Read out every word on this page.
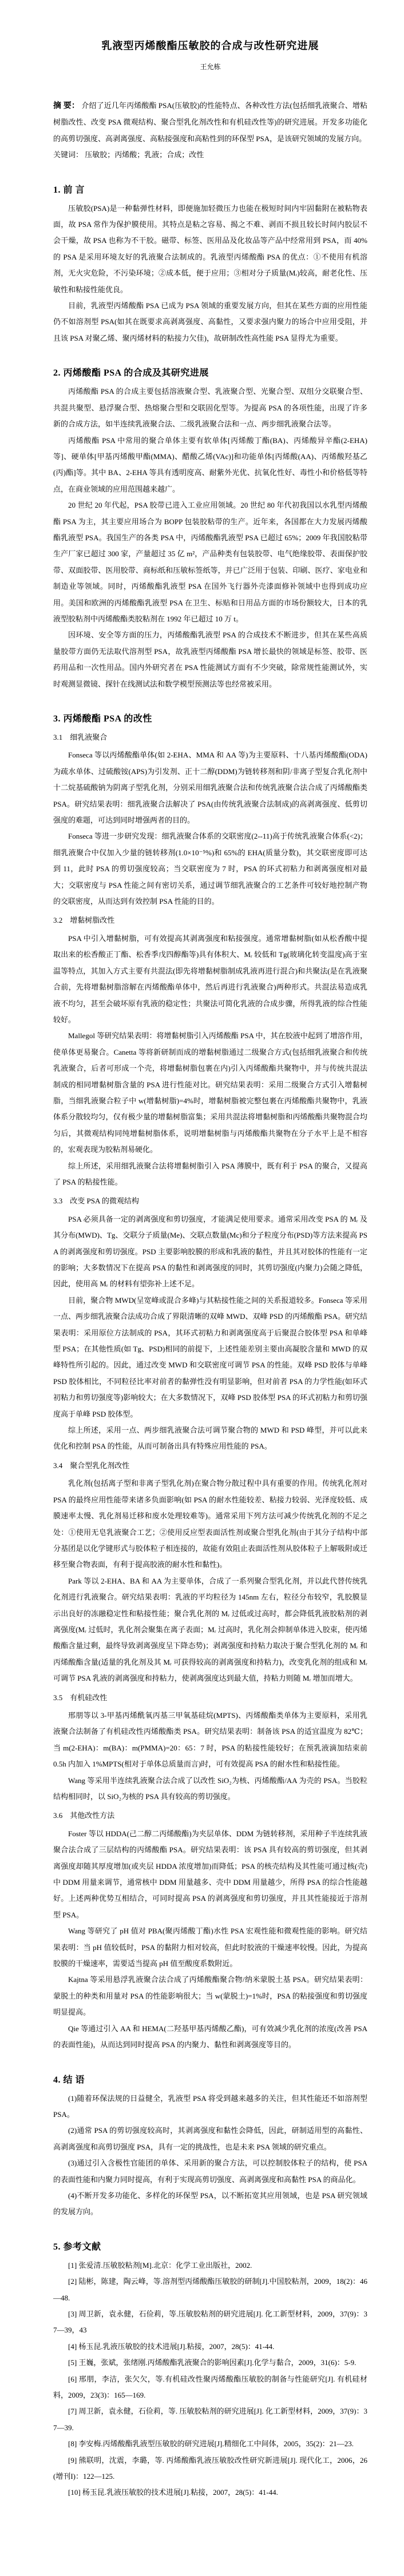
乳液型丙烯酸酯压敏胶的合成与改性研究进展
王允栋

摘 要： 介绍了近几年丙烯酸酯 PSA(压敏胶)的性能特点、各种改性方法(包括细乳液聚合、增粘树脂改性、改变 PSA 微观结构、聚合型乳化剂改性和有机硅改性等)的研究进展。开发多功能化的高剪切强度、高剥离强度、高粘接强度和高粘性到的环保型 PSA，是该研究领域的发展方向。

关键词： 压敏胶；丙烯酸；乳液；合成；改性

1. 前 言

压敏胶(PSA)是一种黏弹性材料，即便施加轻微压力也能在极短时间内牢固黏附在被粘物表面，故 PSA 常作为保护膜使用。其特点是粘之容易、揭之不难、剥而不损且较长时间内胶层不会干燥，故 PSA 也称为不干胶。磁带、标签、医用品及化妆品等产品中经常用到 PSA，而 40%的 PSA 是采用环境友好的乳液聚合法制成的。乳液型丙烯酸酯 PSA 的优点：①不使用有机溶剂，无火灾危险，不污染环境；②成本低，便于应用；③相对分子质量(Mᵣ)较高，耐老化性、压敏性和粘接性能优良。

目前，乳液型丙烯酸酯 PSA 已成为 PSA 领域的重要发展方向，但其在某些方面的应用性能仍不如溶剂型 PSA(如其在既要求高剥离强度、高黏性，又要求强内聚力的场合中应用受阻，并且该 PSA 对聚乙烯、聚丙烯材料的粘接力欠佳)，故研制改性高性能 PSA 显得尤为重要。

2. 丙烯酸酯 PSA 的合成及其研究进展

丙烯酸酯 PSA 的合成主要包括溶液聚合型、乳液聚合型、光聚合型、双组分交联聚合型、共混共聚型、悬浮聚合型、热熔聚合型和交联固化型等。为提高 PSA 的各项性能，出现了许多新的合成方法，如半连续乳液聚合法、二级乳液聚合法和一点、两步细乳液聚合法等。

丙烯酸酯 PSA 中常用的聚合单体主要有软单体[丙烯酸丁酯(BA)、丙烯酸异辛酯(2-EHA)等]、硬单体[甲基丙烯酸甲酯(MMA)、醋酸乙烯(VAc)]和功能单体[丙烯酸(AA)、丙烯酸羟基乙(丙)酯]等。其中 BA、2-EHA 等具有透明度高、耐紫外光优、抗氧化性好、毒性小和价格低等特点，在商业领域的应用范围越来越广。

20 世纪 20 年代起，PSA 胶带已进入工业应用领域。20 世纪 80 年代初我国以水乳型丙烯酸酯 PSA 为主，其主要应用场合为 BOPP 包装胶粘带的生产。近年来，各国都在大力发展丙烯酸酯乳液型 PSA。我国生产的各类 PSA 中，丙烯酸酯乳液型 PSA 已超过 65%；2009 年我国胶粘带生产厂家已超过 300 家，产量超过 35 亿 m²，产品种类有包装胶带、电气绝缘胶带、表面保护胶带、双面胶带、医用胶带、商标纸和压敏标签纸等，并已广泛用于包装、印刷、医疗、家电业和制造业等领域。同时，丙烯酸酯乳液型 PSA 在国外飞行器外壳漆面修补领域中也得到成功应用。美国和欧洲的丙烯酸酯乳液型 PSA 在卫生、标贴和日用品方面的市场份额较大，日本的乳液型胶粘剂中丙烯酸酯类胶粘剂在 1992 年已超过 10 万 t。

因环境、安全等方面的压力，丙烯酸酯乳液型 PSA 的合成技术不断进步，但其在某些高质量胶带方面仍无法取代溶剂型 PSA，故乳液型丙烯酸酯 PSA 增长最快的领域是标签、胶带、医药用品和一次性用品。国内外研究者在 PSA 性能测试方面有不少突破，除常规性能测试外，实时观测显微镜、探针在线测试法和数学模型预测法等也经常被采用。

3. 丙烯酸酯 PSA 的改性
3.1　细乳液聚合

Fonseca 等以丙烯酸酯单体(如 2-EHA、MMA 和 AA 等)为主要原料、十八基丙烯酸酯(ODA)为疏水单体、过硫酸铵(APS)为引发剂、正十二醇(DDM)为链转移剂和阴/非离子型复合乳化剂中十二烷基硫酸钠为阴离子型乳化剂，分别采用细乳液聚合法和传统乳液聚合法合成了丙烯酸酯类 PSA。研究结果表明：细乳液聚合法解决了 PSA(由传统乳液聚合法制成)的高剥离强度、低剪切强度的难题，可达到同时增强两者的目的。

Fonseca 等进一步研究发现：细乳液聚合体系的交联密度(2--11)高于传统乳液聚合体系(<2)；细乳液聚合中仅加入少量的链转移剂(1.0×10⁻⁵%)和 65%的 EHA(质量分数)，其交联密度即可达到 11，此时 PSA 的剪切强度较高；当交联密度为 7 时，PSA 的环式初粘力和剥离强度相对最大；交联密度与 PSA 性能之间有密切关系，通过调节细乳液聚合的工艺条件可较好地控制产物的交联密度，从而达到有效控制 PSA 性能的目的。

3.2　增黏树脂改性

PSA 中引入增黏树脂，可有效提高其剥离强度和粘接强度。通常增黏树脂(如从松香酸中提取出来的松香酸正丁酯、松香季戊四醇酯等)具有体积大、Mᵣ 较低和 Tg(玻璃化转变温度)高于室温等特点，其加入方式主要有共混法(即先将增黏树脂制成乳液再进行混合)和共聚法(是在乳液聚合前，先将增黏树脂溶解在丙烯酸酯单体中，然后再进行乳液聚合)两种形式。共混法易造成乳液不均匀，甚至会破坏原有乳液的稳定性；共聚法可简化乳液的合成步骤，所得乳液的综合性能较好。

Mallegol 等研究结果表明：将增黏树脂引入丙烯酸酯 PSA 中，其在胶液中起到了增溶作用，使单体更易聚合。Canetta 等将新研制而成的增黏树脂通过二级聚合方式(包括细乳液聚合和传统乳液聚合，后者可形成一个壳，将增黏树脂包裹在内)引入丙烯酸酯共聚物中，并与传统共混法制成的相同增黏树脂含量的 PSA 进行性能对比。研究结果表明：采用二级聚合方式引入增黏树脂，当细乳液聚合粒子中 w(增黏树脂)=4%时，增黏树脂被完整包裹在丙烯酸酯共聚物中，乳液体系分散较均匀，仅有极少量的增黏树脂富集；采用共混法将增黏树脂和丙烯酸酯共聚物混合均匀后，其微观结构同纯增黏树脂体系，说明增黏树脂与丙烯酸酯共聚物在分子水平上是不相容的，宏观表现为胶粘剂易硬化。

综上所述，采用细乳液聚合法将增黏树脂引入 PSA 薄膜中，既有利于 PSA 的聚合，又提高了 PSA 的粘接性能。

3.3　改变 PSA 的微观结构

PSA 必须具备一定的剥离强度和剪切强度，才能满足使用要求。通常采用改变 PSA 的 Mᵣ 及其分布(MWD)、Tg、交联分子质量(Me)、交联点数量(Mc)和分子粒度分布(PSD)等方法来提高 PSA 的剥离强度和剪切强度。PSD 主要影响胶膜的形成和乳液的黏性，并且其对胶体的性能有一定的影响；大多数情况下在提高 PSA 的黏性和剥离强度的同时，其剪切强度(内聚力)会随之降低，因此，使用高 Mᵣ 的材料有望弥补上述不足。

目前，聚合物 MWD(呈宽峰或混合多峰)与其粘接性能之间的关系报道较多。Fonseca 等采用一点、两步细乳液聚合法成功合成了界限清晰的双峰 MWD、双峰 PSD 的丙烯酸酯 PSA。研究结果表明：采用原位方法制成的 PSA，其环式初粘力和剥离强度高于后聚混合胶体型 PSA 和单峰型 PSA；在其他性质(如 Tg、PSD)相同的前提下，上述性能差别主要由高凝胶含量和 MWD 的双峰特性所引起的。因此，通过改变 MWD 和交联密度可调节 PSA 的性能。双峰 PSD 胶体与单峰 PSD 胶体相比，不同粒径比率对前者的黏弹性没有明显影响，但对前者 PSA 的力学性能(如环式初粘力和剪切强度等)影响较大；在大多数情况下，双峰 PSD 胶体型 PSA 的环式初粘力和剪切强度高于单峰 PSD 胶体型。

综上所述，采用一点、两步细乳液聚合法可调节聚合物的 MWD 和 PSD 峰型，并可以此来优化和控制 PSA 的性能，从而可制备出具有特殊应用性能的 PSA。

3.4　聚合型乳化剂改性

乳化剂(包括离子型和非离子型乳化剂)在聚合物分散过程中具有重要的作用。传统乳化剂对 PSA 的最终应用性能带来诸多负面影响(如 PSA 的耐水性能较差、粘接力较弱、光泽度较低、成膜速率太慢、乳化剂易迁移和废水处理较难等)。通常采用下列方法可减少传统乳化剂的不足之处：①使用无皂乳液聚合工艺；②使用反应型表面活性剂或聚合型乳化剂(由于其分子结构中部分基团是以化学键形式与胶体粒子相连接的，故能有效阻止表面活性剂从胶体粒子上解吸附或迁移至聚合物表面，有利于提高胶液的耐水性和黏性)。

Park 等以 2-EHA、BA 和 AA 为主要单体，合成了一系列聚合型乳化剂，并以此代替传统乳化剂进行乳液聚合。研究结果表明：乳液的平均粒径为 145nm 左右，粒径分布较窄，乳胶膜显示出良好的冻融稳定性和粘接性能；聚合乳化剂的 Mᵣ 过低或过高时，都会降低乳液胶粘剂的剥离强度(Mᵣ 过低时，乳化剂会聚集在离子表面；Mᵣ 过高时，乳化剂会抑制单体进入胶束，使丙烯酸酯含量过剩，最终导致剥离强度呈下降态势)；剥离强度和持粘力取决于聚合型乳化剂的 Mᵣ 和丙烯酸酯含量(适量的乳化剂及其 Mᵣ 可获得较高的剥离强度和持粘力)，改变乳化剂的组成和 Mᵣ 可调节 PSA 乳液的剥离强度和持粘力，使剥离强度达到最大值，持粘力则随 Mᵣ 增加而增大。

3.5　有机硅改性

邢朋等以 3-甲基丙烯酰氧丙基三甲氧基硅烷(MPTS)、丙烯酸酯类单体为主要原料，采用乳液聚合法制备了有机硅改性丙烯酸酯类 PSA。研究结果表明：制备该 PSA 的适宜温度为 82℃；当 m(2-EHA)：m(BA)：m(PMMA)=20：65：7 时，PSA 的粘接性能较好；在预乳液滴加结束前 0.5h 内加入 1%MPTS(相对于单体总质量而言)时，可有效提高 PSA 的耐水性和粘接性能。

Wang 等采用半连续乳液聚合法合成了以改性 SiO₂为核、丙烯酸酯/AA 为壳的 PSA。当胶粒结构相同时，以 SiO₂为核的 PSA 具有较高的剪切强度。

3.6　其他改性方法

Foster 等以 HDDA(己二醇二丙烯酸酯)为夹层单体、DDM 为链转移剂，采用种子半连续乳液聚合法合成了三层结构的丙烯酸酯 PSA。研究结果表明：该 PSA 具有较高的剪切强度，但其剥离强度却随其厚度增加(或夹层 HDDA 浓度增加)而降低；PSA 的核壳结构及其性能可通过核(壳)中 DDM 用量来调节，通常核中 DDM 用量越多、壳中 DDM 用量越少，所得 PSA 的综合性能越好。上述两种优势互相结合，可同时提高 PSA 的剥离强度和剪切强度，并且其性能接近于溶剂型 PSA。

Wang 等研究了 pH 值对 PBA(聚丙烯酸丁酯)水性 PSA 宏观性能和微观性能的影响。研究结果表明：当 pH 值较低时，PSA 的黏附力相对较高，但此时胶液的干燥速率较慢。因此，为提高胶膜的干燥速率，需要适当提高 pH 值至酸度系数附近。

Kajtna 等采用悬浮乳液聚合法合成了丙烯酸酯聚合物/纳米蒙脱土基 PSA。研究结果表明：蒙脱土的种类和用量对 PSA 的性能影响很大；当 w(蒙脱土)=1%时，PSA 的粘接强度和剪切强度明显提高。

Qie 等通过引入 AA 和 HEMA(二羟基甲基丙烯酸乙酯)，可有效减少乳化剂的浓度(改善 PSA 的表面性能)，从而达到同时提高 PSA 的内聚力、黏性和剥离强度等目的。

4. 结 语

(1)随着环保法规的日益健全，乳液型 PSA 将受到越来越多的关注，但其性能还不如溶剂型 PSA。

(2)通常 PSA 的剪切强度较高时，其剥离强度和黏性会降低，因此，研制适用型的高黏性、高剥离强度和高剪切强度 PSA，具有一定的挑战性，也是未来 PSA 领域的研究重点。

(3)通过引入含极性官能团的单体、采用新的聚合方法，可以控制胶体粒子的结构，使 PSA 的表面性能和内聚力同时提高，有利于实现高剪切强度、高剥离强度和高黏性 PSA 的商品化。

(4)不断开发多功能化、多样化的环保型 PSA，以不断拓宽其应用领域，也是 PSA 研究领域的发展方向。

5. 参考文献

[1] 张爱清.压敏胶粘剂[M].北京：化学工业出版社，2002.

[2] 陆彬，陈建，陶云峰，等.溶剂型丙烯酸酯压敏胶的研制[J].中国胶粘剂，2009，18(2)：46—48.

[3] 周卫新，袁永健，石俭莉，等.压敏胶粘剂的研究进展[J]. 化工新型材料，2009，37(9)：37—39，43

[4] 杨玉昆.乳液压敏胶的技术进展[J].粘接，2007，28(5)：41-44.

[5] 王巍，张斌，张绪刚.丙烯酸酯乳液聚合的影响因素[J].化学与黏合，2009，31(6)：5-9.

[6] 邢朋，李洁，张欠欠，等.有机硅改性聚丙烯酸酯压敏胶的制备与性能研究[J]. 有机硅材料，2009，23(3)：165—169.

[7] 周卫新，袁永健，石俭莉，等. 压敏胶粘剂的研究进展[J]. 化工新型材料，2009，37(9)：37—39.

[8] 李安梅.丙烯酸酯乳液型压敏胶的研究进展[J].精细化工中间体，2005，35(2)：21—23.

[9] 熊联明，沈震，李璐，等. 丙烯酸酯乳液压敏胶改性研究新进展[J]. 现代化工，2006，26(增刊I)：122—125.

[10] 杨玉昆.乳液压敏胶的技术进展[J].粘接，2007，28(5)：41-44.
